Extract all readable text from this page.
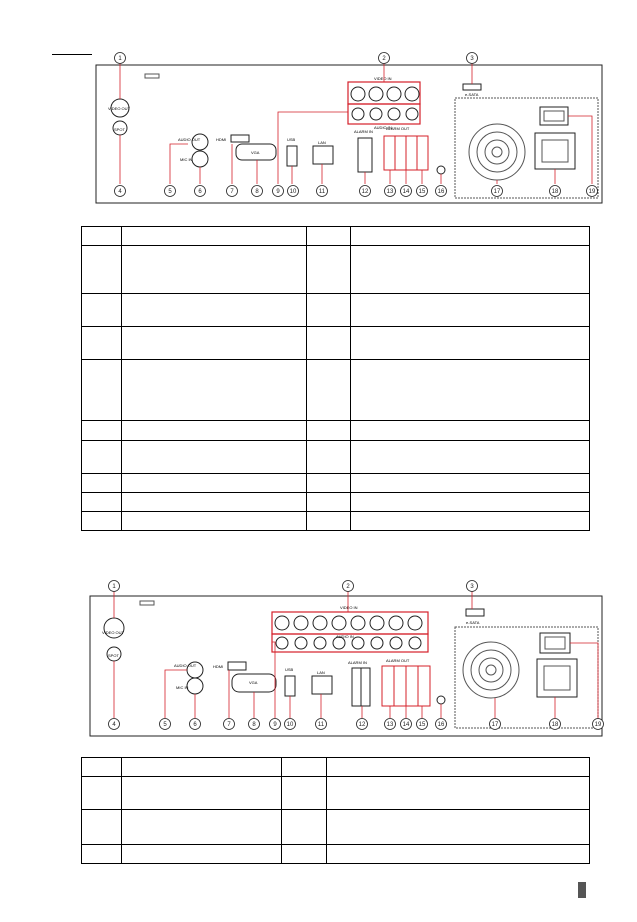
VIDEO OUT
SPOT
VIDEO IN
AUDIO IN
e-SATA
AUDIO OUT
MIC IN
HDMI
VGA
USB
LAN
ALARM IN
ALARM OUT
1	2	3
4	5	6	7	8	9 10	11	12	13 14 15 16	17	18	19

VIDEO OUT
SPOT
VIDEO IN
AUDIO IN
e-SATA
AUDIO OUT
MIC IN
HDMI
VGA
USB
LAN
ALARM IN	ALARM OUT
1	2	3
4	5	6	7	8	9 10	11	12	13 14 15 16	17	18	19
